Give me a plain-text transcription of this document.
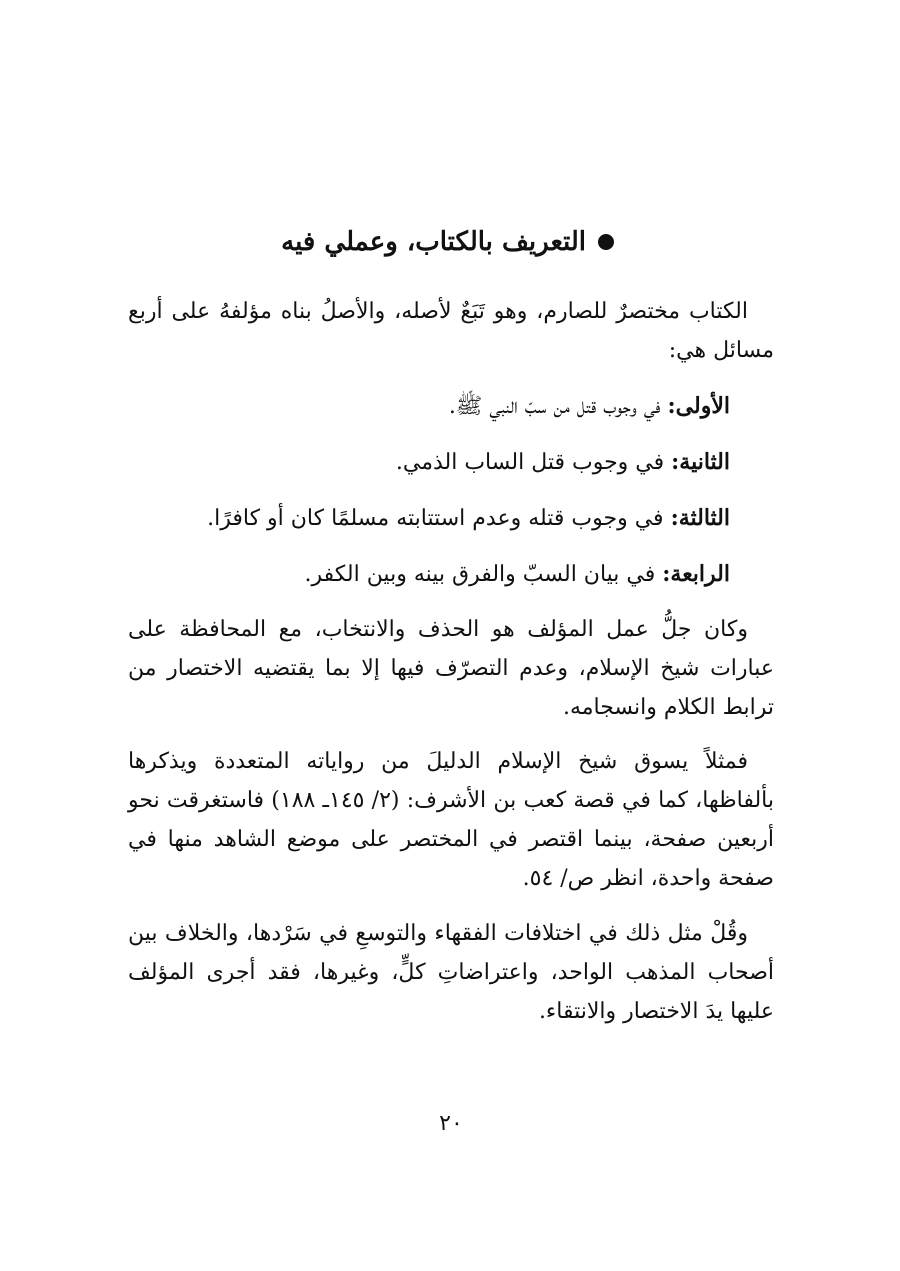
التعريف بالكتاب، وعملي فيه

الكتاب مختصرٌ للصارم، وهو تَبَعٌ لأصله، والأصلُ بناه مؤلفهُ على أربع مسائل هي:

الأولى: في وجوب قتل من سبّ النبي ﷺ.

الثانية: في وجوب قتل الساب الذمي.

الثالثة: في وجوب قتله وعدم استتابته مسلمًا كان أو كافرًا.

الرابعة: في بيان السبّ والفرق بينه وبين الكفر.

وكان جلُّ عمل المؤلف هو الحذف والانتخاب، مع المحافظة على عبارات شيخ الإسلام، وعدم التصرّف فيها إلا بما يقتضيه الاختصار من ترابط الكلام وانسجامه.

فمثلاً يسوق شيخ الإسلام الدليلَ من رواياته المتعددة ويذكرها بألفاظها، كما في قصة كعب بن الأشرف: (٢/ ١٤٥ـ ١٨٨) فاستغرقت نحو أربعين صفحة، بينما اقتصر في المختصر على موضع الشاهد منها في صفحة واحدة، انظر ص/ ٥٤.

وقُلْ مثل ذلك في اختلافات الفقهاء والتوسعِ في سَرْدها، والخلاف بين أصحاب المذهب الواحد، واعتراضاتِ كلٍّ، وغيرها، فقد أجرى المؤلف عليها يدَ الاختصار والانتقاء.

٢٠
